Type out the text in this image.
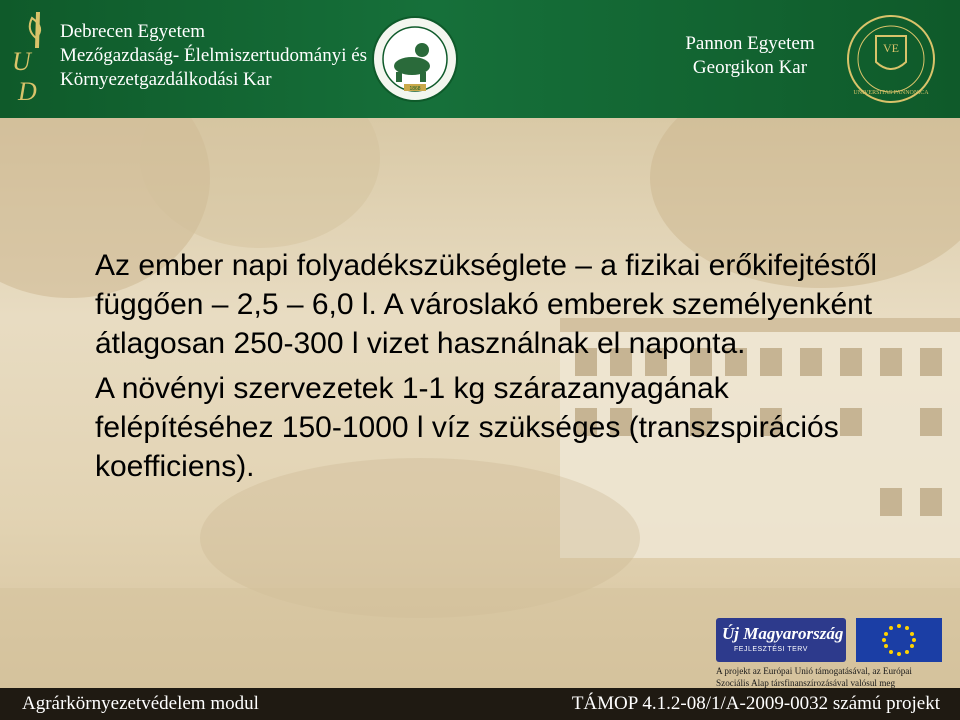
U
D
Debrecen Egyetem
Mezőgazdaság- Élelmiszertudományi és
Környezetgazdálkodási Kar	1868
Pannon Egyetem
Georgikon Kar
VE
UNIVERSITAS PANNONICA

Az ember napi folyadékszükséglete – a fizikai erőkifejtéstől függően – 2,5 – 6,0 l. A városlakó emberek személyenként átlagosan 250-300 l vizet használnak el naponta.

A növényi szervezetek 1-1 kg szárazanyagának felépítéséhez 150-1000 l víz szükséges (transzspirációs koefficiens).

Új Magyarország
FEJLESZTÉSI TERV
A projekt az Európai Unió támogatásával, az Európai Szociális Alap társfinanszírozásával valósul meg
Agrárkörnyezetvédelem modul	TÁMOP 4.1.2-08/1/A-2009-0032 számú projekt
